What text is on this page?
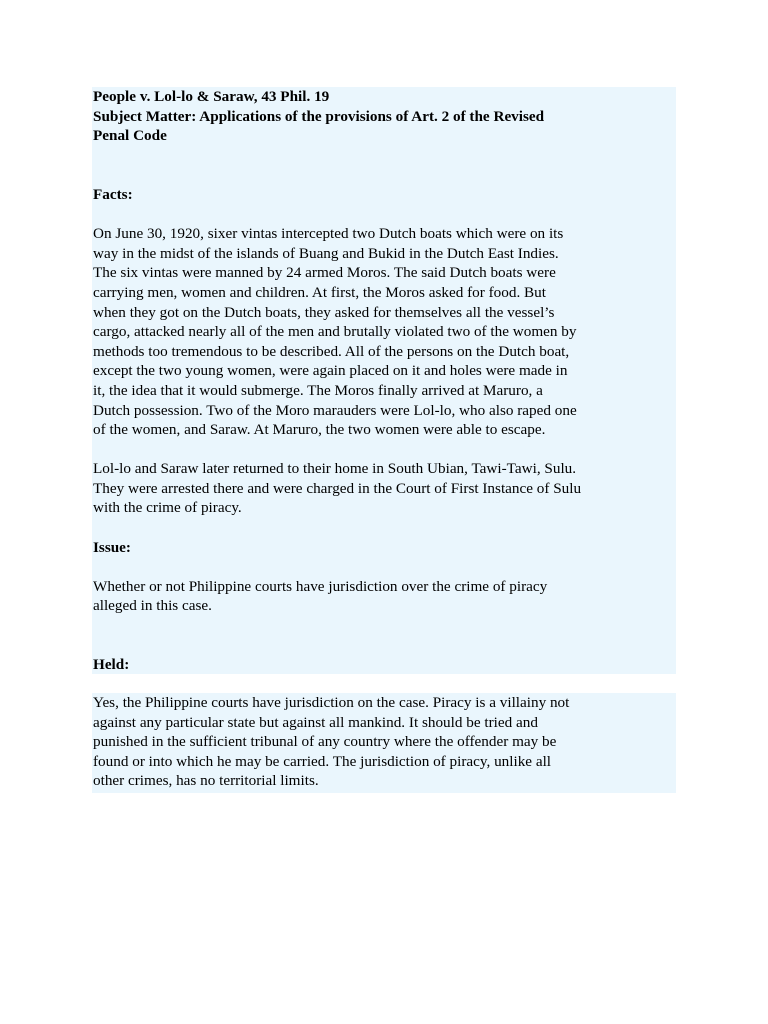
People v. Lol-lo & Saraw, 43 Phil. 19

Subject Matter: Applications of the provisions of Art. 2 of the Revised

Penal Code

Facts:

On June 30, 1920, sixer vintas intercepted two Dutch boats which were on its

way in the midst of the islands of Buang and Bukid in the Dutch East Indies.

The six vintas were manned by 24 armed Moros. The said Dutch boats were

carrying men, women and children. At first, the Moros asked for food. But

when they got on the Dutch boats, they asked for themselves all the vessel’s

cargo, attacked nearly all of the men and brutally violated two of the women by

methods too tremendous to be described. All of the persons on the Dutch boat,

except the two young women, were again placed on it and holes were made in

it, the idea that it would submerge. The Moros finally arrived at Maruro, a

Dutch possession. Two of the Moro marauders were Lol-lo, who also raped one

of the women, and Saraw. At Maruro, the two women were able to escape.

Lol-lo and Saraw later returned to their home in South Ubian, Tawi-Tawi, Sulu.

They were arrested there and were charged in the Court of First Instance of Sulu

with the crime of piracy.

Issue:

Whether or not Philippine courts have jurisdiction over the crime of piracy

alleged in this case.

Held:

Yes, the Philippine courts have jurisdiction on the case. Piracy is a villainy not

against any particular state but against all mankind. It should be tried and

punished in the sufficient tribunal of any country where the offender may be

found or into which he may be carried. The jurisdiction of piracy, unlike all

other crimes, has no territorial limits.
